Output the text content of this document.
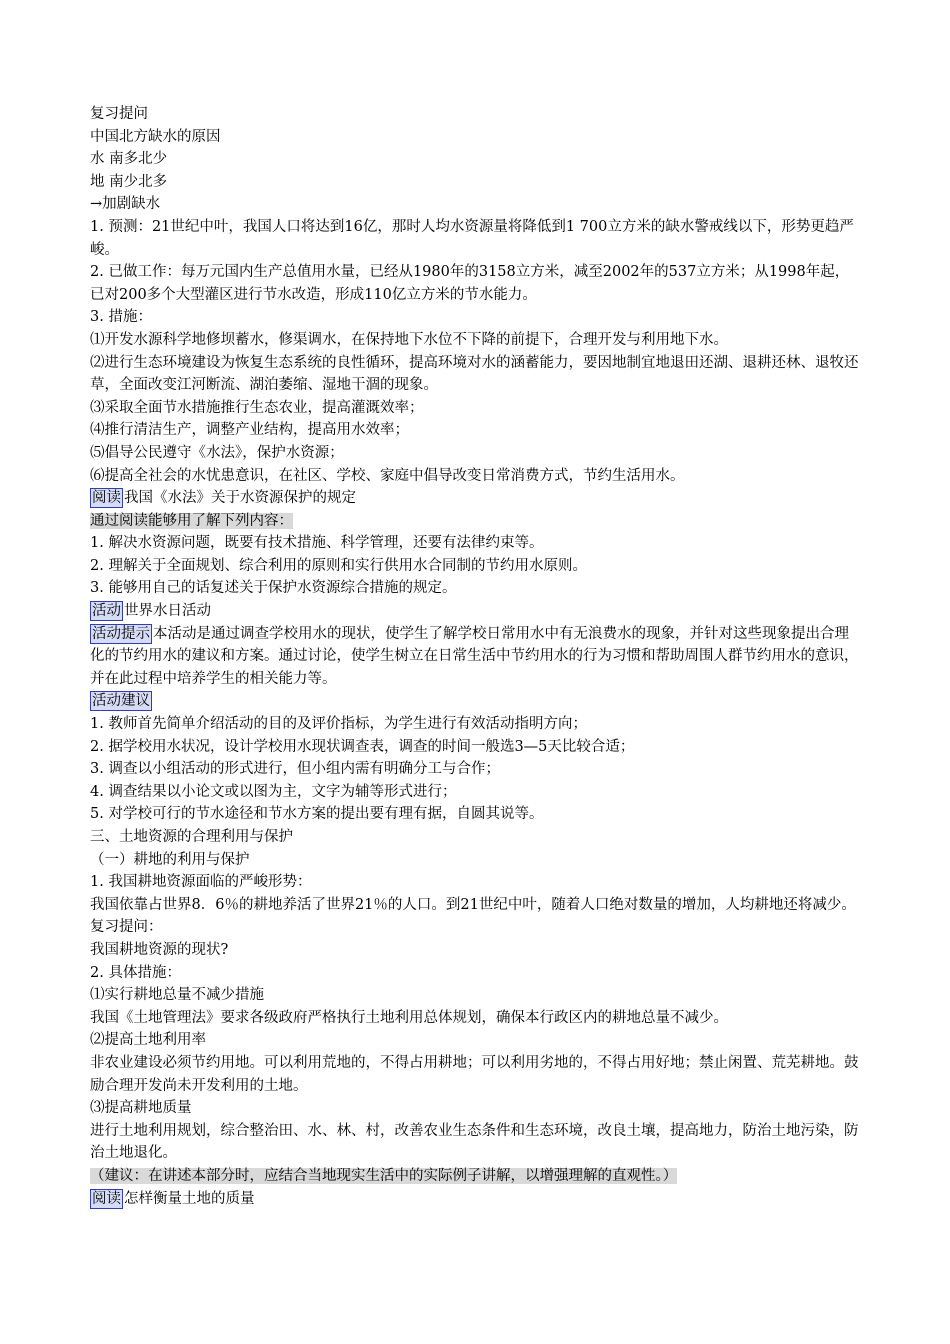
复习提问

中国北方缺水的原因

水 南多北少

地 南少北多

→加剧缺水

1. 预测：21世纪中叶，我国人口将达到16亿，那时人均水资源量将降低到1 700立方米的缺水警戒线以下，形势更趋严峻。

2. 已做工作：每万元国内生产总值用水量，已经从1980年的3158立方米，减至2002年的537立方米；从1998年起，已对200多个大型灌区进行节水改造，形成110亿立方米的节水能力。

3. 措施：

⑴开发水源科学地修坝蓄水，修渠调水，在保持地下水位不下降的前提下，合理开发与利用地下水。

⑵进行生态环境建设为恢复生态系统的良性循环，提高环境对水的涵蓄能力，要因地制宜地退田还湖、退耕还林、退牧还草，全面改变江河断流、湖泊萎缩、湿地干涸的现象。

⑶采取全面节水措施推行生态农业，提高灌溉效率；

⑷推行清洁生产，调整产业结构，提高用水效率；

⑸倡导公民遵守《水法》，保护水资源；

⑹提高全社会的水忧患意识，在社区、学校、家庭中倡导改变日常消费方式，节约生活用水。

阅读 我国《水法》关于水资源保护的规定

通过阅读能够用了解下列内容：

1. 解决水资源问题，既要有技术措施、科学管理，还要有法律约束等。

2. 理解关于全面规划、综合利用的原则和实行供用水合同制的节约用水原则。

3. 能够用自己的话复述关于保护水资源综合措施的规定。

活动 世界水日活动

活动提示 本活动是通过调查学校用水的现状，使学生了解学校日常用水中有无浪费水的现象，并针对这些现象提出合理化的节约用水的建议和方案。通过讨论，使学生树立在日常生活中节约用水的行为习惯和帮助周围人群节约用水的意识，并在此过程中培养学生的相关能力等。

活动建议

1. 教师首先简单介绍活动的目的及评价指标，为学生进行有效活动指明方向；

2. 据学校用水状况，设计学校用水现状调查表，调查的时间一般选3—5天比较合适；

3. 调查以小组活动的形式进行，但小组内需有明确分工与合作；

4. 调查结果以小论文或以图为主，文字为辅等形式进行；

5. 对学校可行的节水途径和节水方案的提出要有理有据，自圆其说等。

三、土地资源的合理利用与保护

（一）耕地的利用与保护

1. 我国耕地资源面临的严峻形势：

我国依靠占世界8．6％的耕地养活了世界21％的人口。到21世纪中叶，随着人口绝对数量的增加，人均耕地还将减少。

复习提问：

我国耕地资源的现状?

2. 具体措施：

⑴实行耕地总量不减少措施

我国《土地管理法》要求各级政府严格执行土地利用总体规划，确保本行政区内的耕地总量不减少。

⑵提高土地利用率

非农业建设必须节约用地。可以利用荒地的，不得占用耕地；可以利用劣地的，不得占用好地；禁止闲置、荒芜耕地。鼓励合理开发尚未开发利用的土地。

⑶提高耕地质量

进行土地利用规划，综合整治田、水、林、村，改善农业生态条件和生态环境，改良土壤，提高地力，防治土地污染，防治土地退化。

（建议：在讲述本部分时，应结合当地现实生活中的实际例子讲解，以增强理解的直观性。）

阅读 怎样衡量土地的质量
